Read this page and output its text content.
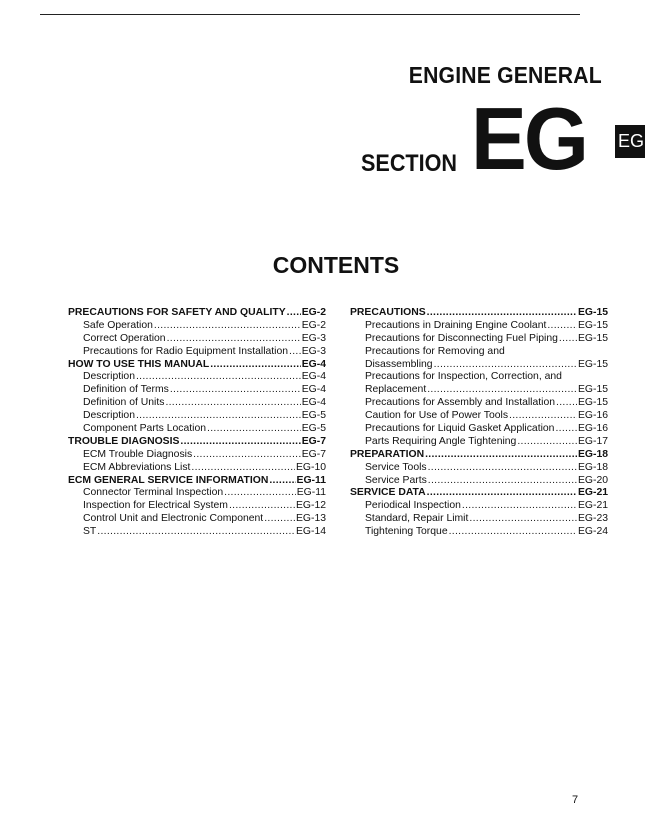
ENGINE GENERAL
SECTION EG EG
CONTENTS
PRECAUTIONS FOR SAFETY AND QUALITY ..... EG-2
Safe Operation .....	EG-2
Correct Operation .....	EG-3
Precautions for Radio Equipment Installation ..... EG-3
HOW TO USE THIS MANUAL .....	EG-4
Description .....	EG-4
Definition of Terms .....	EG-4
Definition of Units .....	EG-4
Description .....	EG-5
Component Parts Location .....	EG-5
TROUBLE DIAGNOSIS .....	EG-7
ECM Trouble Diagnosis .....	EG-7
ECM Abbreviations List .....	EG-10
ECM GENERAL SERVICE INFORMATION .....	EG-11
Connector Terminal Inspection .....	EG-11
Inspection for Electrical System .....	EG-12
Control Unit and Electronic Component .....	EG-13
ST .....	EG-14
PRECAUTIONS .....	EG-15
Precautions in Draining Engine Coolant .....	EG-15
Precautions for Disconnecting Fuel Piping ..... EG-15
Precautions for Removing and
Disassembling .....	EG-15
Precautions for Inspection, Correction, and
Replacement .....	EG-15
Precautions for Assembly and Installation ..... EG-15
Caution for Use of Power Tools .....	EG-16
Precautions for Liquid Gasket Application ..... EG-16
Parts Requiring Angle Tightening .....	EG-17
PREPARATION .....	EG-18
Service Tools .....	EG-18
Service Parts .....	EG-20
SERVICE DATA .....	EG-21
Periodical Inspection .....	EG-21
Standard, Repair Limit .....	EG-23
Tightening Torque .....	EG-24
7
